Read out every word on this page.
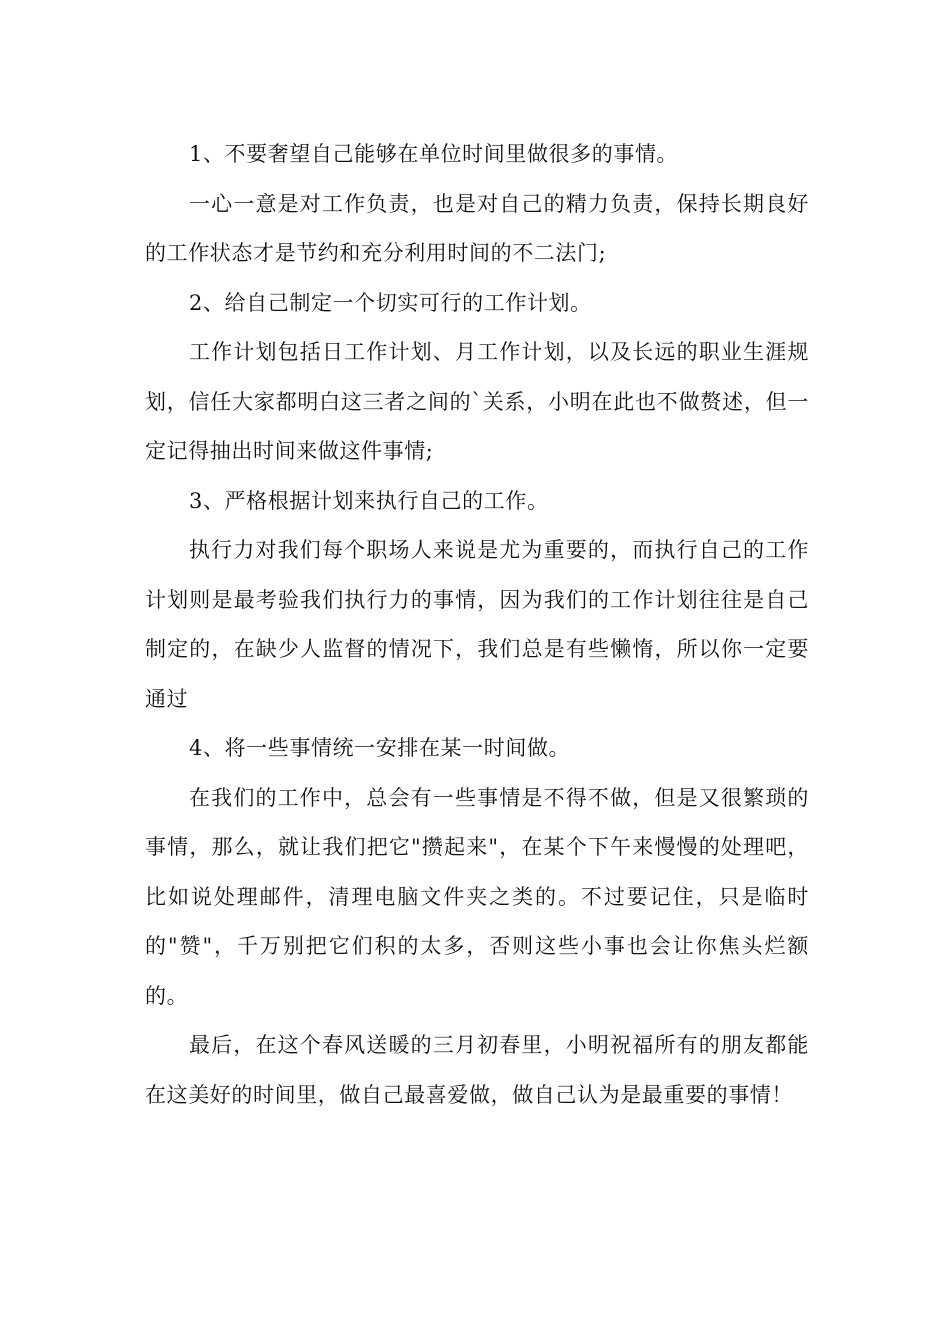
1、不要奢望自己能够在单位时间里做很多的事情。

一心一意是对工作负责，也是对自己的精力负责，保持长期良好的工作状态才是节约和充分利用时间的不二法门;

2、给自己制定一个切实可行的工作计划。

工作计划包括日工作计划、月工作计划，以及长远的职业生涯规划，信任大家都明白这三者之间的`关系，小明在此也不做赘述，但一定记得抽出时间来做这件事情;

3、严格根据计划来执行自己的工作。

执行力对我们每个职场人来说是尤为重要的，而执行自己的工作计划则是最考验我们执行力的事情，因为我们的工作计划往往是自己制定的，在缺少人监督的情况下，我们总是有些懒惰，所以你一定要通过

4、将一些事情统一安排在某一时间做。

在我们的工作中，总会有一些事情是不得不做，但是又很繁琐的事情，那么，就让我们把它"攒起来"，在某个下午来慢慢的处理吧，比如说处理邮件，清理电脑文件夹之类的。不过要记住，只是临时的"赞"，千万别把它们积的太多，否则这些小事也会让你焦头烂额的。

最后，在这个春风送暖的三月初春里，小明祝福所有的朋友都能在这美好的时间里，做自己最喜爱做，做自己认为是最重要的事情！
